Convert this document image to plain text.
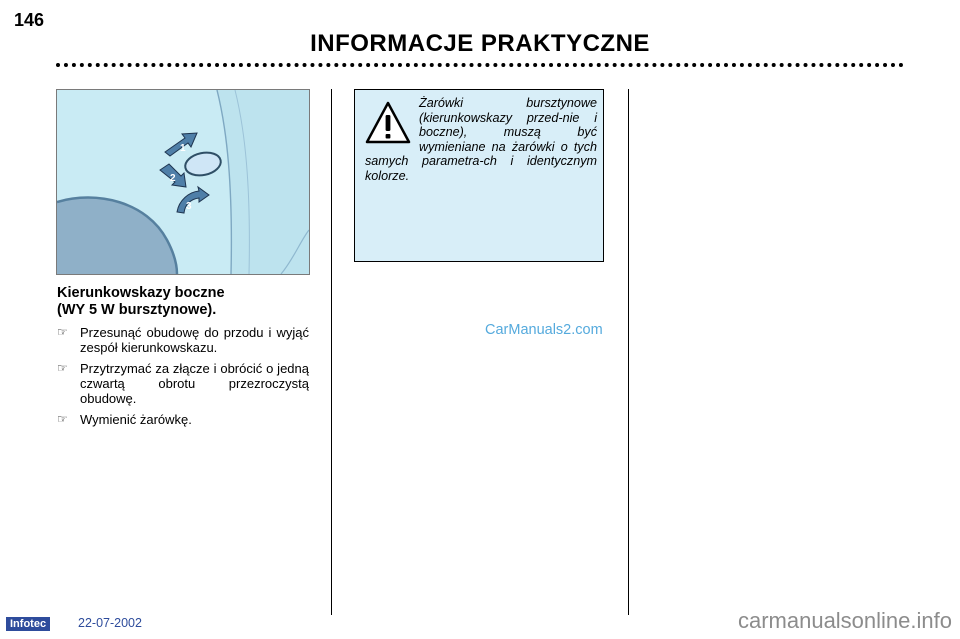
146
INFORMACJE PRAKTYCZNE
1
2
3
Kierunkowskazy boczne
(WY 5 W bursztynowe).
☞ Przesunąć obudowę do przodu i wyjąć zespół kierunkowskazu.
☞ Przytrzymać za złącze i obrócić o jedną czwartą obrotu przezroczystą obudowę.
☞ Wymienić żarówkę.

Żarówki bursztynowe (kierunkowskazy przed-nie i boczne), muszą być wymieniane na żarówki o tych samych parametra-ch i identycznym kolorze.

CarManuals2.com
Infotec	22-07-2002	carmanualsonline.info
